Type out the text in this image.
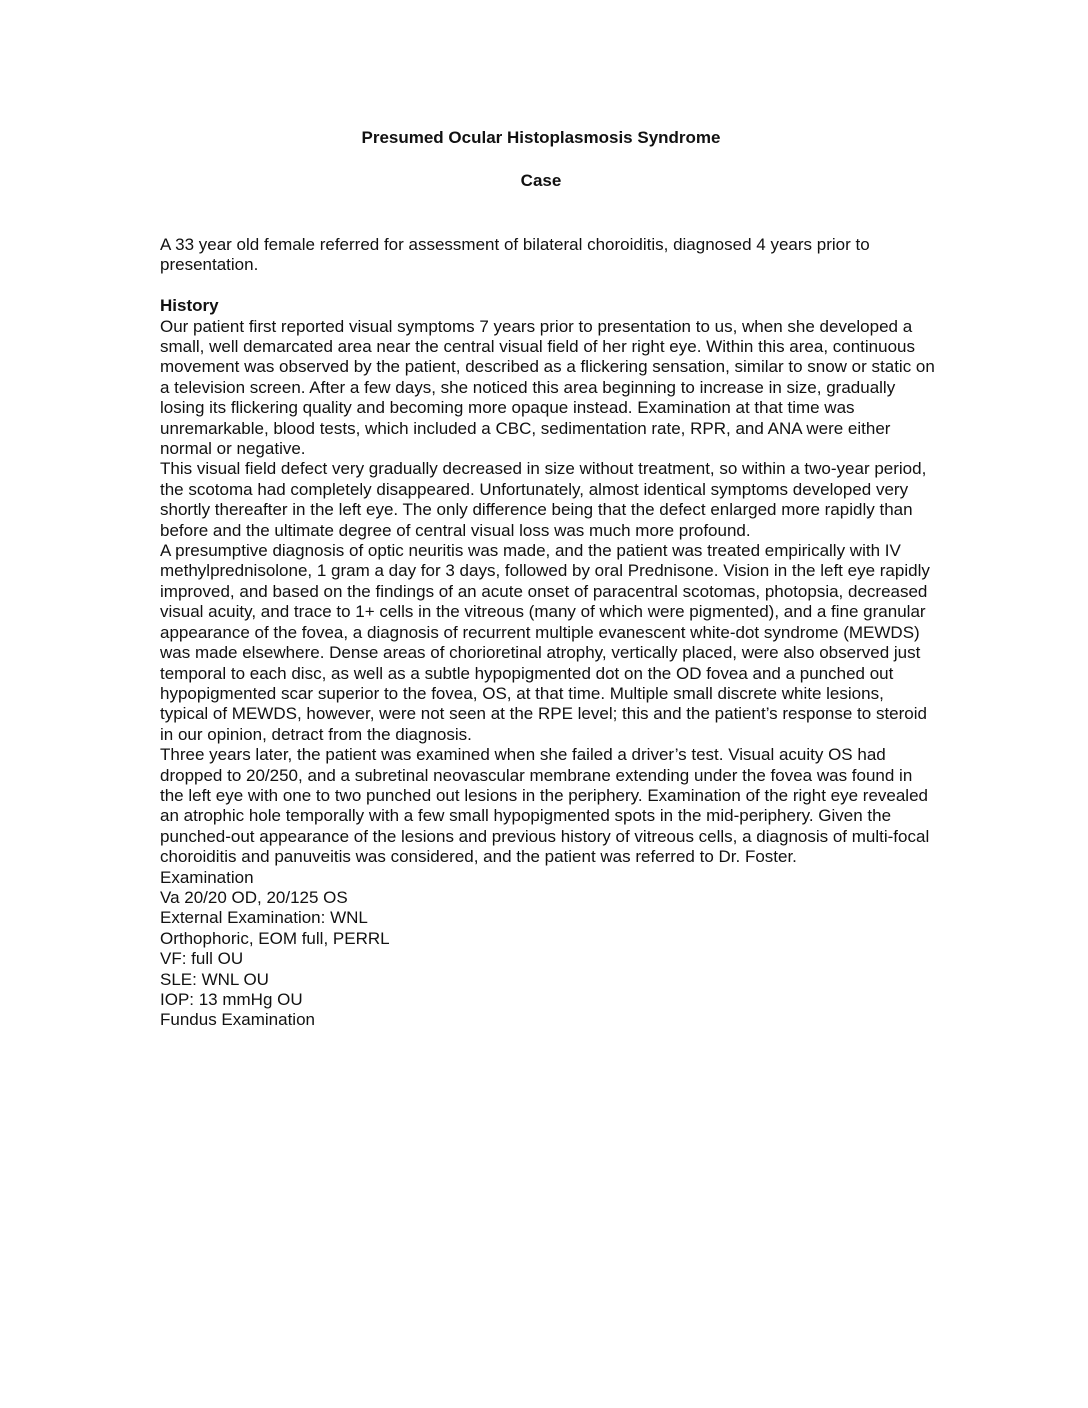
Presumed Ocular Histoplasmosis Syndrome
Case

A 33 year old female referred for assessment of bilateral choroiditis, diagnosed 4 years prior to presentation.

History

Our patient first reported visual symptoms 7 years prior to presentation to us, when she developed a small, well demarcated area near the central visual field of her right eye. Within this area, continuous movement was observed by the patient, described as a flickering sensation, similar to snow or static on a television screen. After a few days, she noticed this area beginning to increase in size, gradually losing its flickering quality and becoming more opaque instead. Examination at that time was unremarkable, blood tests, which included a CBC, sedimentation rate, RPR, and ANA were either normal or negative.

This visual field defect very gradually decreased in size without treatment, so within a two-year period, the scotoma had completely disappeared. Unfortunately, almost identical symptoms developed very shortly thereafter in the left eye. The only difference being that the defect enlarged more rapidly than before and the ultimate degree of central visual loss was much more profound.

A presumptive diagnosis of optic neuritis was made, and the patient was treated empirically with IV methylprednisolone, 1 gram a day for 3 days, followed by oral Prednisone. Vision in the left eye rapidly improved, and based on the findings of an acute onset of paracentral scotomas, photopsia, decreased visual acuity, and trace to 1+ cells in the vitreous (many of which were pigmented), and a fine granular appearance of the fovea, a diagnosis of recurrent multiple evanescent white-dot syndrome (MEWDS) was made elsewhere. Dense areas of chorioretinal atrophy, vertically placed, were also observed just temporal to each disc, as well as a subtle hypopigmented dot on the OD fovea and a punched out hypopigmented scar superior to the fovea, OS, at that time. Multiple small discrete white lesions, typical of MEWDS, however, were not seen at the RPE level; this and the patient’s response to steroid in our opinion, detract from the diagnosis.

Three years later, the patient was examined when she failed a driver’s test. Visual acuity OS had dropped to 20/250, and a subretinal neovascular membrane extending under the fovea was found in the left eye with one to two punched out lesions in the periphery. Examination of the right eye revealed an atrophic hole temporally with a few small hypopigmented spots in the mid-periphery. Given the punched-out appearance of the lesions and previous history of vitreous cells, a diagnosis of multi-focal choroiditis and panuveitis was considered, and the patient was referred to Dr. Foster.

Examination

Va 20/20 OD, 20/125 OS

External Examination: WNL

Orthophoric, EOM full, PERRL

VF: full OU

SLE: WNL OU

IOP: 13 mmHg OU

Fundus Examination
